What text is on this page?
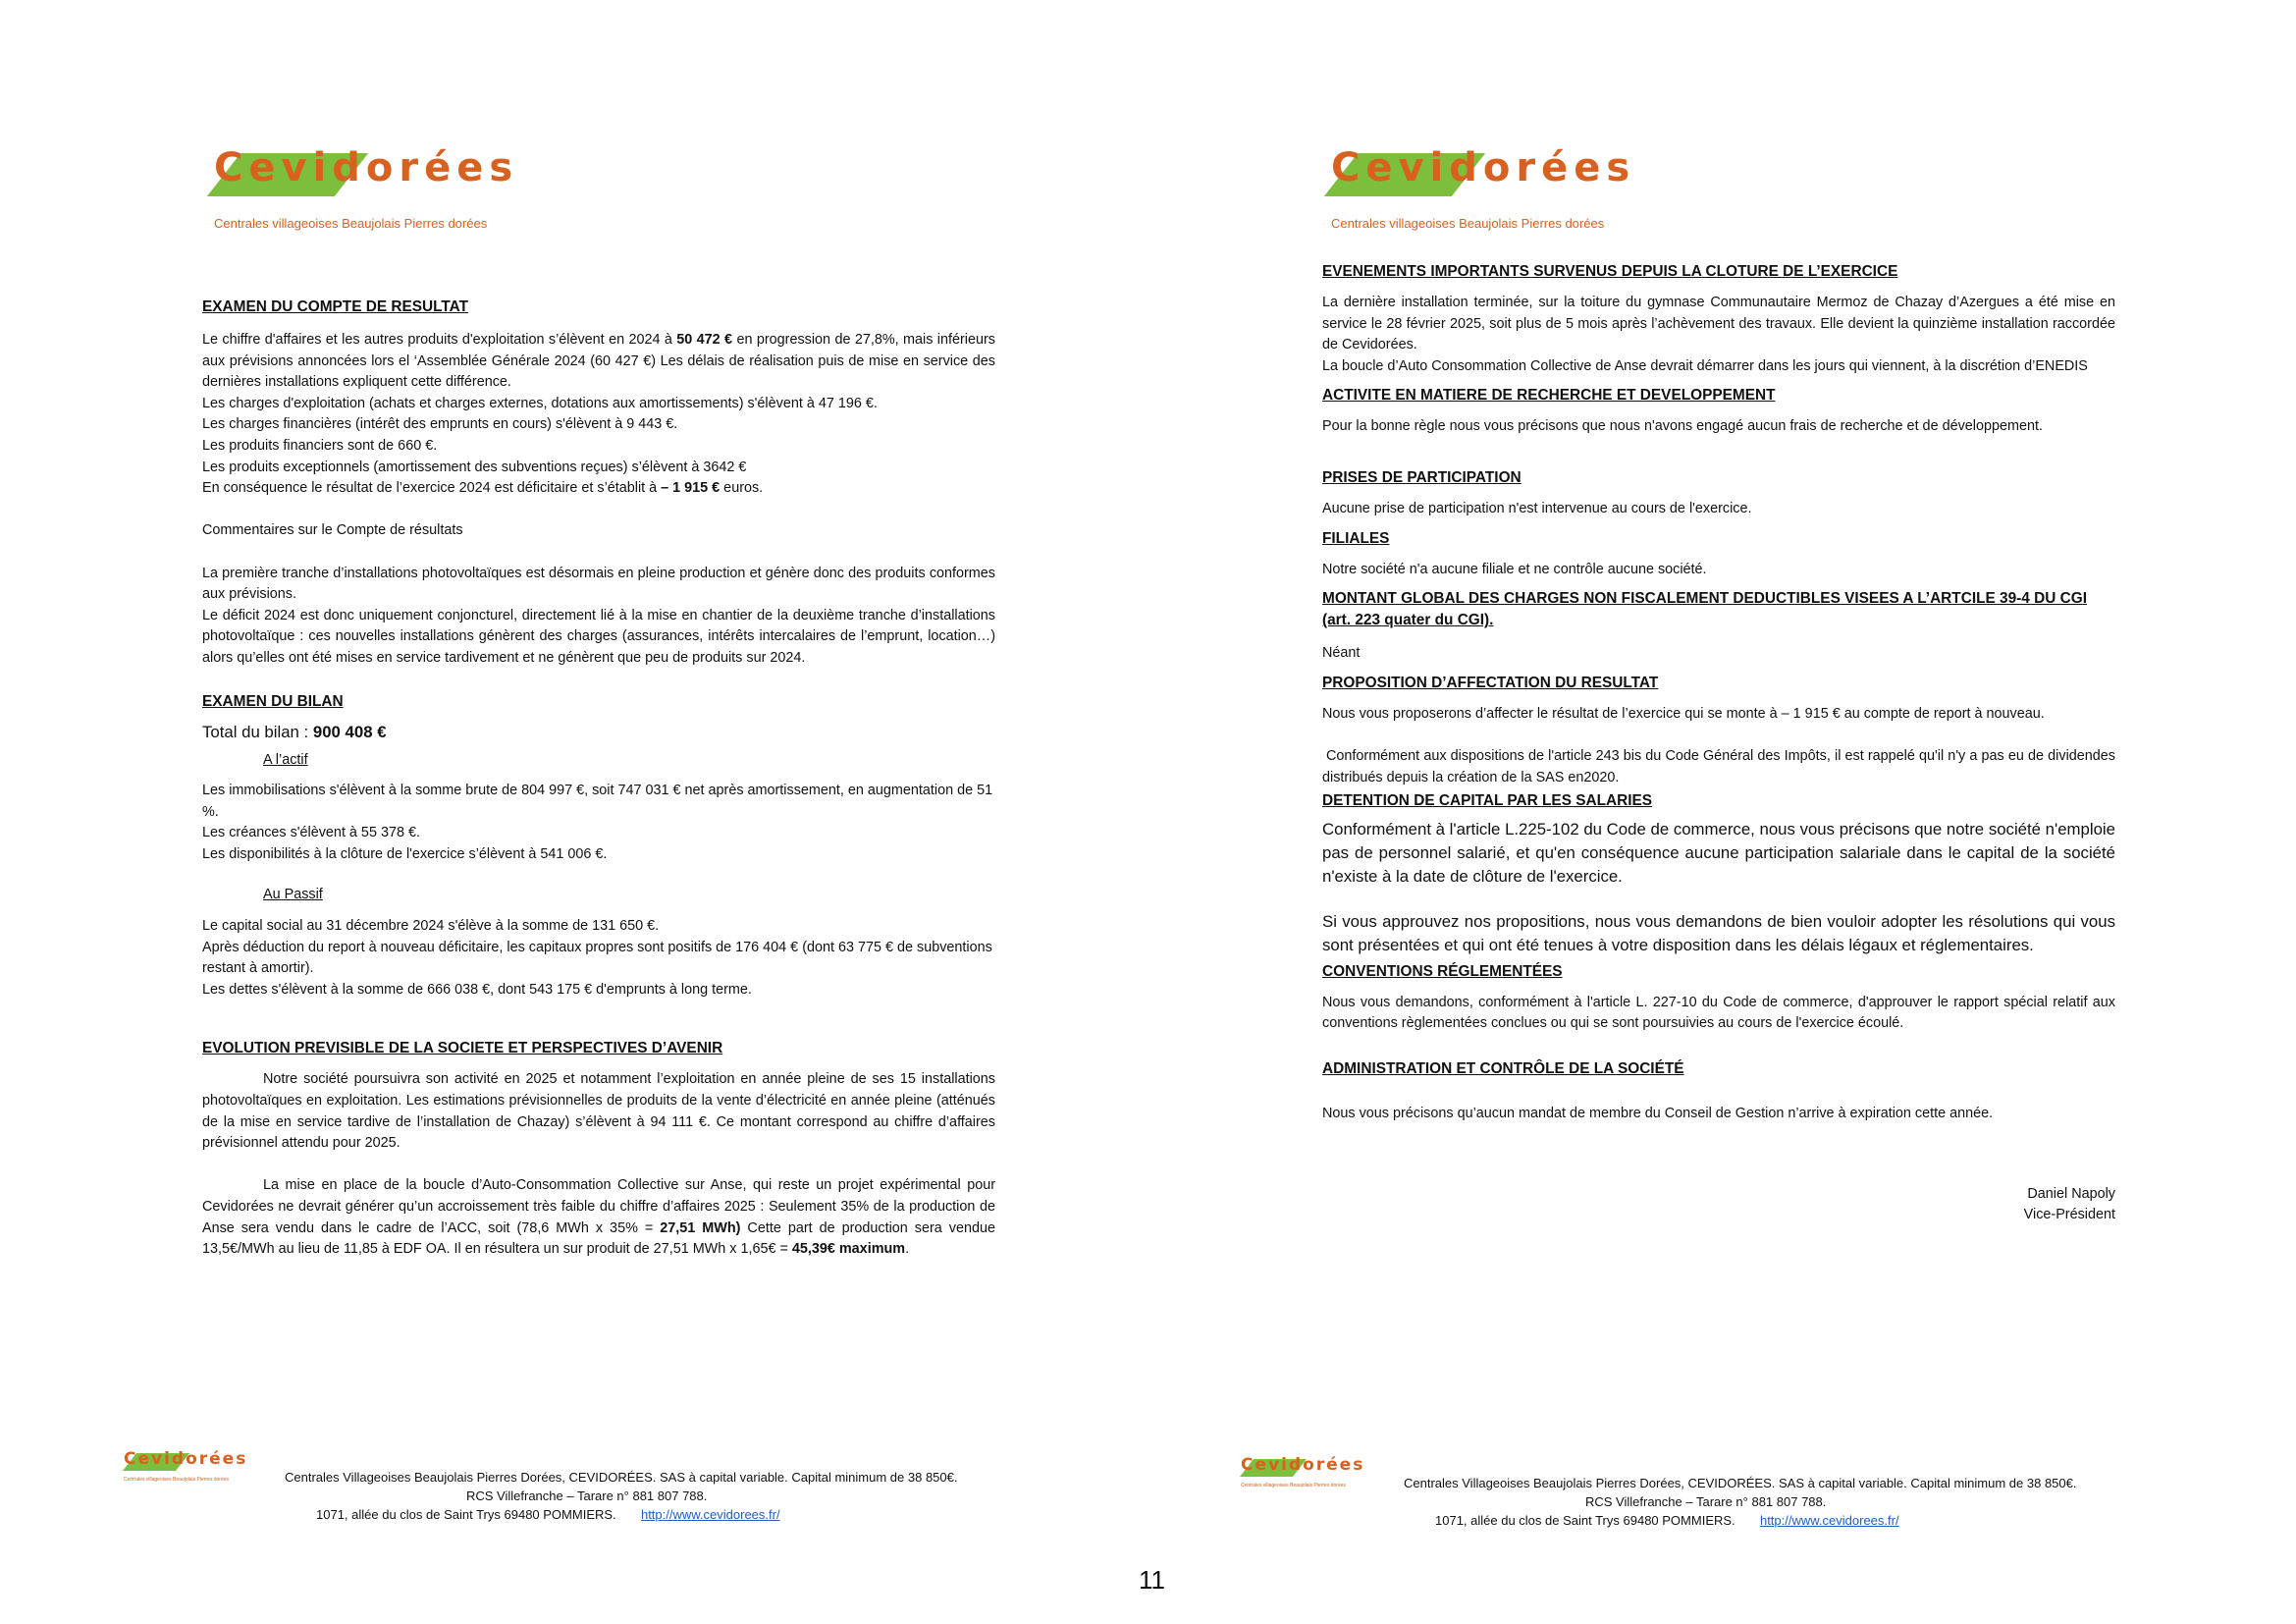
Cevidorées
Centrales villageoises Beaujolais Pierres dorées

EXAMEN DU COMPTE DE RESULTAT

Le chiffre d'affaires et les autres produits d'exploitation s’élèvent en 2024 à 50 472 € en progression de 27,8%, mais inférieurs aux prévisions annoncées lors el ‘Assemblée Générale 2024 (60 427 €) Les délais de réalisation puis de mise en service des dernières installations expliquent cette différence.

Les charges d'exploitation (achats et charges externes, dotations aux amortissements) s'élèvent à 47 196 €.

Les charges financières (intérêt des emprunts en cours) s'élèvent à 9 443 €.

Les produits financiers sont de 660 €.

Les produits exceptionnels (amortissement des subventions reçues) s’élèvent à 3642 €

En conséquence le résultat de l’exercice 2024 est déficitaire et s’établit à – 1 915 € euros.

Commentaires sur le Compte de résultats

La première tranche d’installations photovoltaïques est désormais en pleine production et génère donc des produits conformes aux prévisions.

Le déficit 2024 est donc uniquement conjoncturel, directement lié à la mise en chantier de la deuxième tranche d’installations photovoltaïque : ces nouvelles installations génèrent des charges (assurances, intérêts intercalaires de l’emprunt, location…) alors qu’elles ont été mises en service tardivement et ne génèrent que peu de produits sur 2024.

EXAMEN DU BILAN

Total du bilan : 900 408 €

A l’actif

Les immobilisations s'élèvent à la somme brute de 804 997 €, soit 747 031 € net après amortissement, en augmentation de 51 %.

Les créances s'élèvent à 55 378 €.

Les disponibilités à la clôture de l'exercice s’élèvent à 541 006 €.

Au Passif

Le capital social au 31 décembre 2024 s'élève à la somme de 131 650 €.

Après déduction du report à nouveau déficitaire, les capitaux propres sont positifs de 176 404 € (dont 63 775 € de subventions restant à amortir).

Les dettes s'élèvent à la somme de 666 038 €, dont 543 175 € d'emprunts à long terme.

EVOLUTION PREVISIBLE DE LA SOCIETE ET PERSPECTIVES D’AVENIR

Notre société poursuivra son activité en 2025 et notamment l’exploitation en année pleine de ses 15 installations photovoltaïques en exploitation. Les estimations prévisionnelles de produits de la vente d’électricité en année pleine (atténués de la mise en service tardive de l’installation de Chazay) s’élèvent à 94 111 €. Ce montant correspond au chiffre d’affaires prévisionnel attendu pour 2025.

La mise en place de la boucle d’Auto-Consommation Collective sur Anse, qui reste un projet expérimental pour Cevidorées ne devrait générer qu’un accroissement très faible du chiffre d’affaires 2025 : Seulement 35% de la production de Anse sera vendu dans le cadre de l’ACC, soit (78,6 MWh x 35% = 27,51 MWh) Cette part de production sera vendue 13,5€/MWh au lieu de 11,85 à EDF OA. Il en résultera un sur produit de 27,51 MWh x 1,65€ = 45,39€ maximum.

Cevidorées
Centrales villageoises Beaujolais Pierres dorées	Centrales Villageoises Beaujolais Pierres Dorées, CEVIDORÉES. SAS à capital variable. Capital minimum de 38 850€.
RCS Villefranche – Tarare n° 881 807 788.
1071, allée du clos de Saint Trys 69480 POMMIERS. http://www.cevidorees.fr/
Cevidorées
Centrales villageoises Beaujolais Pierres dorées

EVENEMENTS IMPORTANTS SURVENUS DEPUIS LA CLOTURE DE L’EXERCICE

La dernière installation terminée, sur la toiture du gymnase Communautaire Mermoz de Chazay d’Azergues a été mise en service le 28 février 2025, soit plus de 5 mois après l’achèvement des travaux. Elle devient la quinzième installation raccordée de Cevidorées.

La boucle d’Auto Consommation Collective de Anse devrait démarrer dans les jours qui viennent, à la discrétion d’ENEDIS

ACTIVITE EN MATIERE DE RECHERCHE ET DEVELOPPEMENT

Pour la bonne règle nous vous précisons que nous n'avons engagé aucun frais de recherche et de développement.

PRISES DE PARTICIPATION

Aucune prise de participation n'est intervenue au cours de l'exercice.

FILIALES

Notre société n'a aucune filiale et ne contrôle aucune société.

MONTANT GLOBAL DES CHARGES NON FISCALEMENT DEDUCTIBLES VISEES A L’ARTCILE 39-4 DU CGI (art. 223 quater du CGI).

Néant

PROPOSITION D’AFFECTATION DU RESULTAT

Nous vous proposerons d’affecter le résultat de l’exercice qui se monte à – 1 915 € au compte de report à nouveau.

Conformément aux dispositions de l'article 243 bis du Code Général des Impôts, il est rappelé qu'il n'y a pas eu de dividendes distribués depuis la création de la SAS en2020.

DETENTION DE CAPITAL PAR LES SALARIES

Conformément à l'article L.225-102 du Code de commerce, nous vous précisons que notre société n'emploie pas de personnel salarié, et qu'en conséquence aucune participation salariale dans le capital de la société n'existe à la date de clôture de l'exercice.

Si vous approuvez nos propositions, nous vous demandons de bien vouloir adopter les résolutions qui vous sont présentées et qui ont été tenues à votre disposition dans les délais légaux et réglementaires.

CONVENTIONS RÉGLEMENTÉES

Nous vous demandons, conformément à l'article L. 227-10 du Code de commerce, d'approuver le rapport spécial relatif aux conventions règlementées conclues ou qui se sont poursuivies au cours de l'exercice écoulé.

ADMINISTRATION ET CONTRÔLE DE LA SOCIÉTÉ

Nous vous précisons qu’aucun mandat de membre du Conseil de Gestion n’arrive à expiration cette année.

Daniel Napoly

Vice-Président

Cevidorées
Centrales villageoises Beaujolais Pierres dorées	Centrales Villageoises Beaujolais Pierres Dorées, CEVIDORÉES. SAS à capital variable. Capital minimum de 38 850€.
RCS Villefranche – Tarare n° 881 807 788.
1071, allée du clos de Saint Trys 69480 POMMIERS. http://www.cevidorees.fr/
11
